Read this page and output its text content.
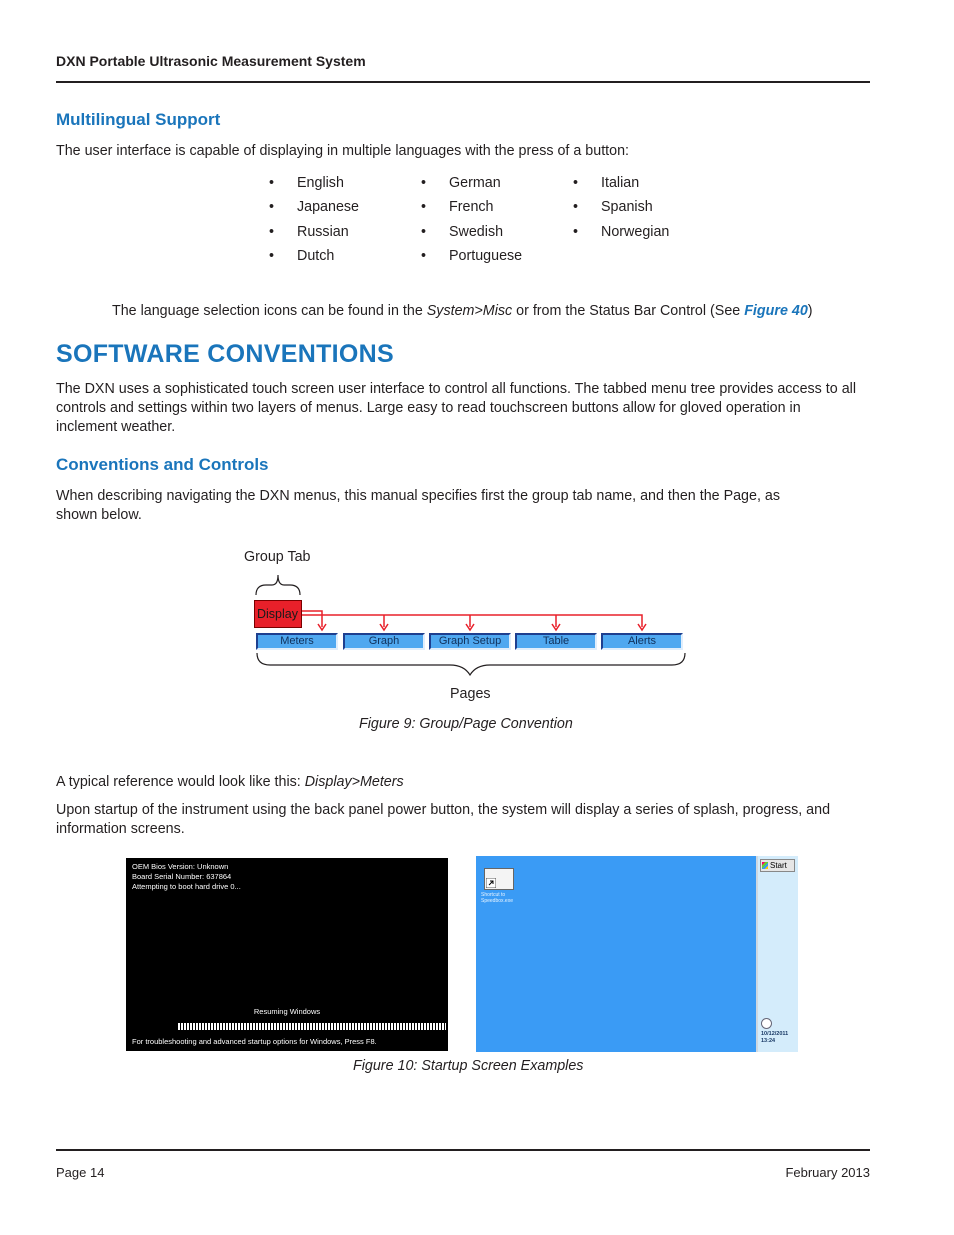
DXN Portable Ultrasonic Measurement System
Multilingual Support
The user interface is capable of displaying in multiple languages with the press of a button:
• English
• Japanese
• Russian
• Dutch
• German
• French
• Swedish
• Portuguese
• Italian
• Spanish
• Norwegian
The language selection icons can be found in the System>Misc or from the Status Bar Control (See Figure 40)
SOFTWARE CONVENTIONS
The DXN uses a sophisticated touch screen user interface to control all functions. The tabbed menu tree provides access to all controls and settings within two layers of menus. Large easy to read touchscreen buttons allow for gloved operation in inclement weather.
Conventions and Controls
When describing navigating the DXN menus, this manual specifies first the group tab name, and then the Page, as shown below.
Group Tab
Display
Meters	Graph	Graph Setup	Table	Alerts
Pages
Figure 9: Group/Page Convention
A typical reference would look like this: Display>Meters
Upon startup of the instrument using the back panel power button, the system will display a series of splash, progress, and information screens.
OEM Bios Version: Unknown
Board Serial Number: 637864
Attempting to boot hard drive 0...
Resuming Windows
For troubleshooting and advanced startup options for Windows, Press F8.
Shortcut to Speedbox.exe
Start
10/12/2011
13:24
Figure 10: Startup Screen Examples
Page 14	February 2013
